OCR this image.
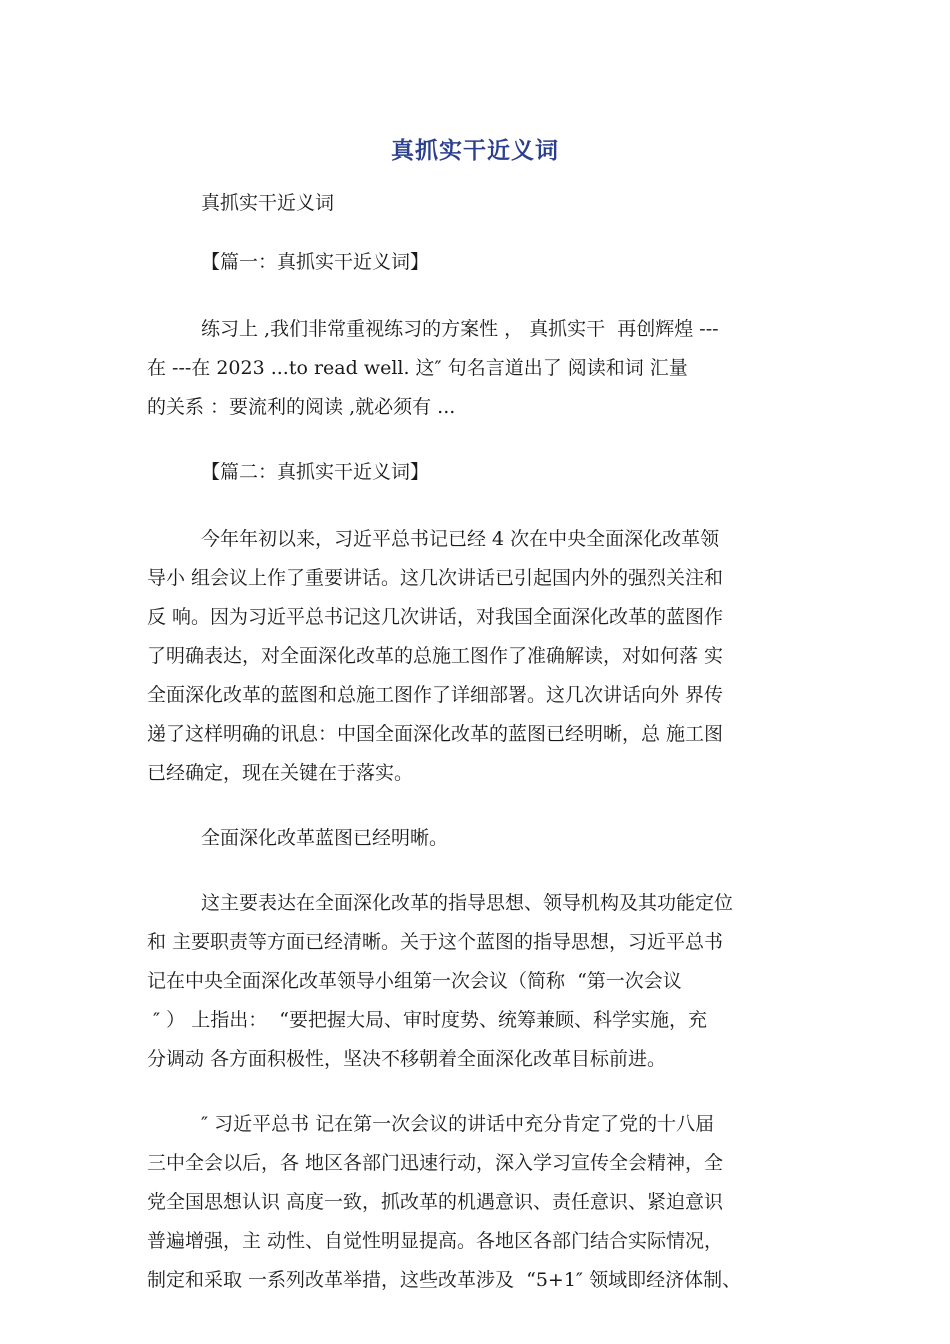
真抓实干近义词
真抓实干近义词
【篇一：真抓实干近义词】
练习上 ,我们非常重视练习的方案性 ， 真抓实干  再创辉煌 ---
在 ---在 2023 ...to read well. 这″ 句名言道出了 阅读和词 汇量
的关系 ：要流利的阅读 ,就必须有 ...
【篇二：真抓实干近义词】
今年年初以来，习近平总书记已经 4 次在中央全面深化改革领
导小 组会议上作了重要讲话。这几次讲话已引起国内外的强烈关注和
反 响。因为习近平总书记这几次讲话，对我国全面深化改革的蓝图作
了明确表达，对全面深化改革的总施工图作了准确解读，对如何落 实
全面深化改革的蓝图和总施工图作了详细部署。这几次讲话向外 界传
递了这样明确的讯息：中国全面深化改革的蓝图已经明晰，总 施工图
已经确定，现在关键在于落实。
全面深化改革蓝图已经明晰。
这主要表达在全面深化改革的指导思想、领导机构及其功能定位
和 主要职责等方面已经清晰。关于这个蓝图的指导思想，习近平总书
记在中央全面深化改革领导小组第一次会议（简称  “第一次会议
″ ） 上指出：  “要把握大局、审时度势、统筹兼顾、科学实施，充
分调动 各方面积极性，坚决不移朝着全面深化改革目标前进。
″ 习近平总书 记在第一次会议的讲话中充分肯定了党的十八届
三中全会以后，各 地区各部门迅速行动，深入学习宣传全会精神，全
党全国思想认识 高度一致，抓改革的机遇意识、责任意识、紧迫意识
普遍增强，主 动性、自觉性明显提高。各地区各部门结合实际情况，
制定和采取 一系列改革举措，这些改革涉及  “5+1″ 领域即经济体制、
